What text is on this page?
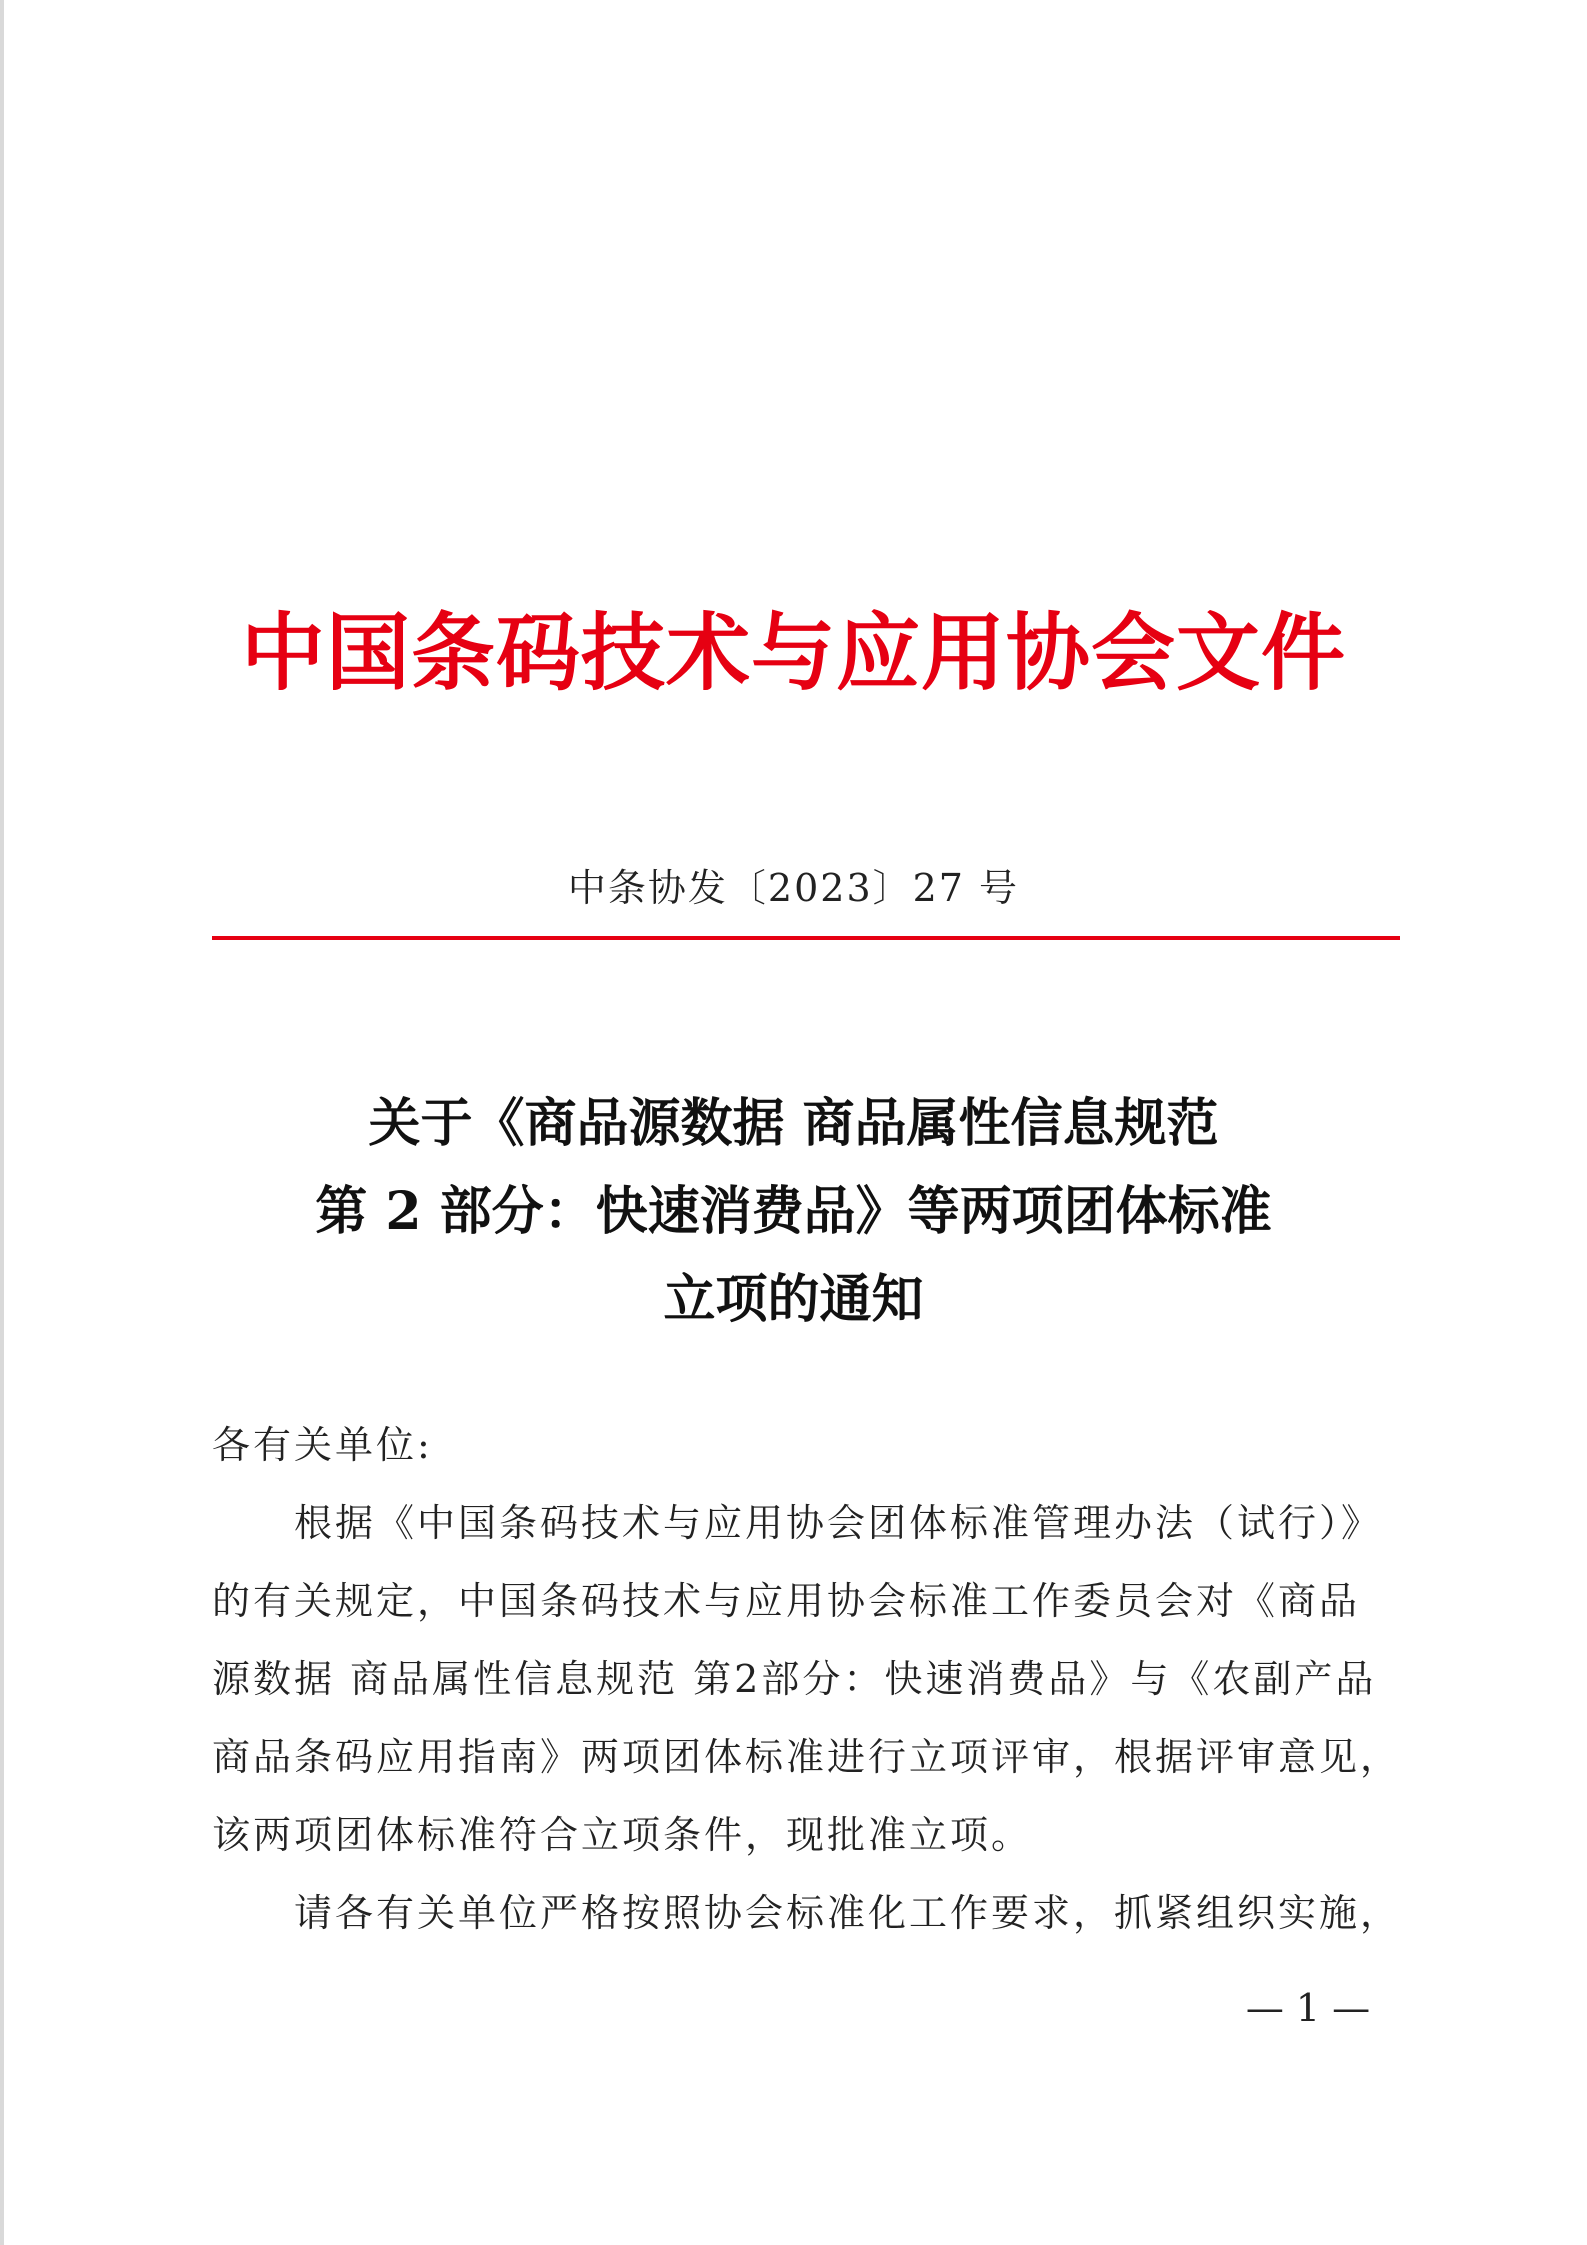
中国条码技术与应用协会文件
中条协发〔2023〕27 号
关于《商品源数据 商品属性信息规范
第 2 部分：快速消费品》等两项团体标准
立项的通知
各有关单位:
根据《中国条码技术与应用协会团体标准管理办法（试行）》
的有关规定，中国条码技术与应用协会标准工作委员会对《商品
源数据 商品属性信息规范 第2部分：快速消费品》与《农副产品
商品条码应用指南》两项团体标准进行立项评审，根据评审意见，
该两项团体标准符合立项条件，现批准立项。
请各有关单位严格按照协会标准化工作要求，抓紧组织实施，
— 1 —
